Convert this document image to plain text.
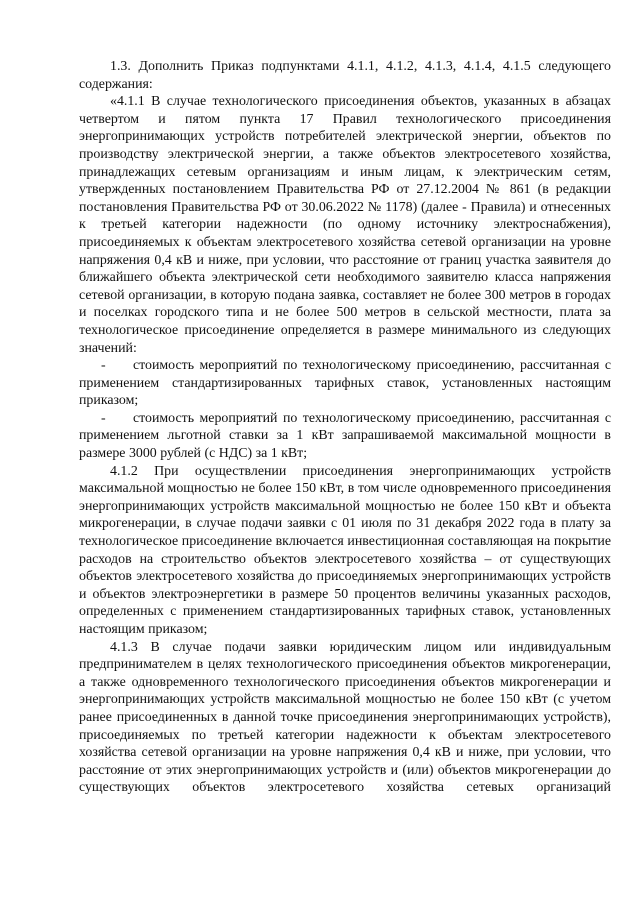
1.3. Дополнить Приказ подпунктами 4.1.1, 4.1.2, 4.1.3, 4.1.4, 4.1.5 следующего содержания:

«4.1.1 В случае технологического присоединения объектов, указанных в абзацах четвертом и пятом пункта 17 Правил технологического присоединения энергопринимающих устройств потребителей электрической энергии, объектов по производству электрической энергии, а также объектов электросетевого хозяйства, принадлежащих сетевым организациям и иным лицам, к электрическим сетям, утвержденных постановлением Правительства РФ от 27.12.2004 № 861 (в редакции постановления Правительства РФ от 30.06.2022 № 1178) (далее - Правила) и отнесенных к третьей категории надежности (по одному источнику электроснабжения), присоединяемых к объектам электросетевого хозяйства сетевой организации на уровне напряжения 0,4 кВ и ниже, при условии, что расстояние от границ участка заявителя до ближайшего объекта электрической сети необходимого заявителю класса напряжения сетевой организации, в которую подана заявка, составляет не более 300 метров в городах и поселках городского типа и не более 500 метров в сельской местности, плата за технологическое присоединение определяется в размере минимального из следующих значений:

-     стоимость мероприятий по технологическому присоединению, рассчитанная с применением стандартизированных тарифных ставок, установленных настоящим приказом;

-     стоимость мероприятий по технологическому присоединению, рассчитанная с применением льготной ставки за 1 кВт запрашиваемой максимальной мощности в размере 3000 рублей (с НДС) за 1 кВт;

4.1.2 При осуществлении присоединения энергопринимающих устройств максимальной мощностью не более 150 кВт, в том числе одновременного присоединения энергопринимающих устройств максимальной мощностью не более 150 кВт и объекта микрогенерации, в случае подачи заявки с 01 июля по 31 декабря 2022 года в плату за технологическое присоединение включается инвестиционная составляющая на покрытие расходов на строительство объектов электросетевого хозяйства – от существующих объектов электросетевого хозяйства до присоединяемых энергопринимающих устройств и объектов электроэнергетики в размере 50 процентов величины указанных расходов, определенных с применением стандартизированных тарифных ставок, установленных настоящим приказом;

4.1.3 В случае подачи заявки юридическим лицом или индивидуальным предпринимателем в целях технологического присоединения объектов микрогенерации, а также одновременного технологического присоединения объектов микрогенерации и энергопринимающих устройств максимальной мощностью не более 150 кВт (с учетом ранее присоединенных в данной точке присоединения энергопринимающих устройств), присоединяемых по третьей категории надежности к объектам электросетевого хозяйства сетевой организации на уровне напряжения 0,4 кВ и ниже, при условии, что расстояние от этих энергопринимающих устройств и (или) объектов микрогенерации до существующих объектов электросетевого хозяйства сетевых организаций
